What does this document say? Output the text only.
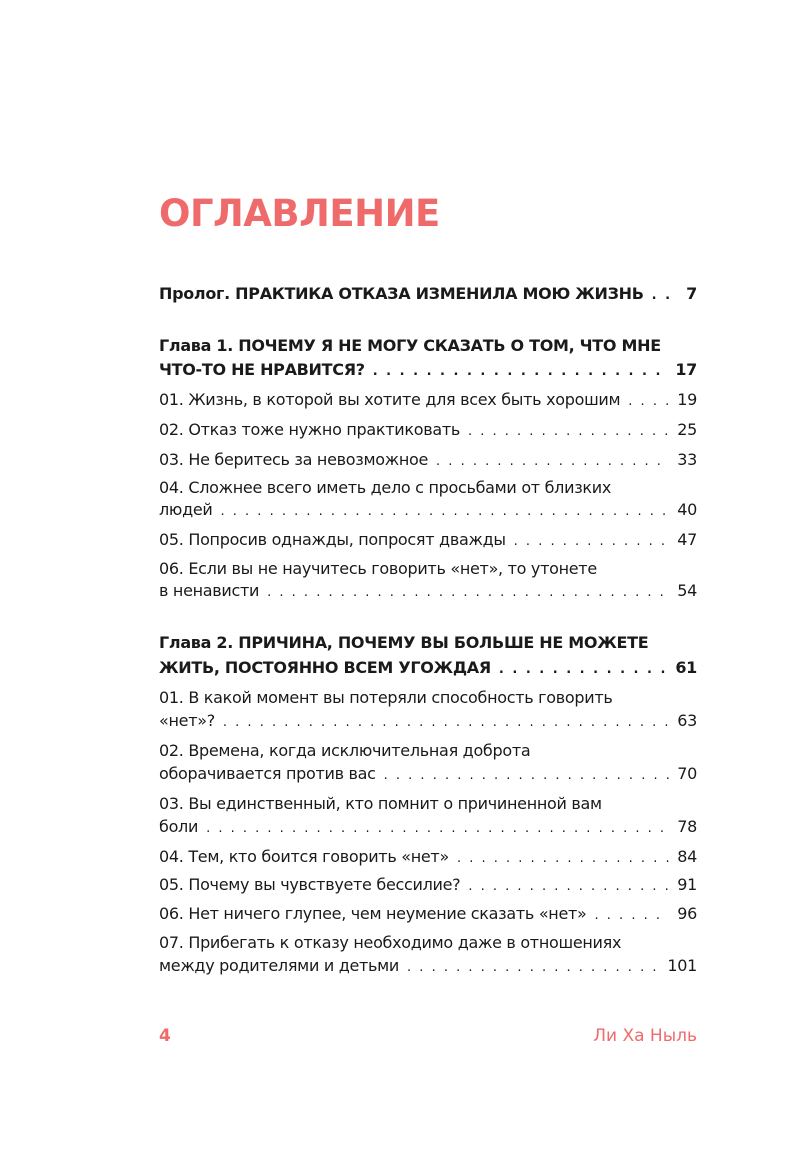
ОГЛАВЛЕНИЕ
Пролог. ПРАКТИКА ОТКАЗА ИЗМЕНИЛА МОЮ ЖИЗНЬ . . .	7
Глава 1. ПОЧЕМУ Я НЕ МОГУ СКАЗАТЬ О ТОМ, ЧТО МНЕ
ЧТО-ТО НЕ НРАВИТСЯ? . . .	17
01. Жизнь, в которой вы хотите для всех быть хорошим . . .	19
02. Отказ тоже нужно практиковать . . .	25
03. Не беритесь за невозможное . . .	33
04. Сложнее всего иметь дело с просьбами от близких
людей . . .	40
05. Попросив однажды, попросят дважды . . .	47
06. Если вы не научитесь говорить «нет», то утонете
в ненависти . . .	54
Глава 2. ПРИЧИНА, ПОЧЕМУ ВЫ БОЛЬШЕ НЕ МОЖЕТЕ
ЖИТЬ, ПОСТОЯННО ВСЕМ УГОЖДАЯ . . .	61
01. В какой момент вы потеряли способность говорить
«нет»? . . .	63
02. Времена, когда исключительная доброта
оборачивается против вас . . .	70
03. Вы единственный, кто помнит о причиненной вам
боли . . .	78
04. Тем, кто боится говорить «нет» . . .	84
05. Почему вы чувствуете бессилие? . . .	91
06. Нет ничего глупее, чем неумение сказать «нет» . . .	96
07. Прибегать к отказу необходимо даже в отношениях
между родителями и детьми . . .	101
4	Ли Ха Ныль
